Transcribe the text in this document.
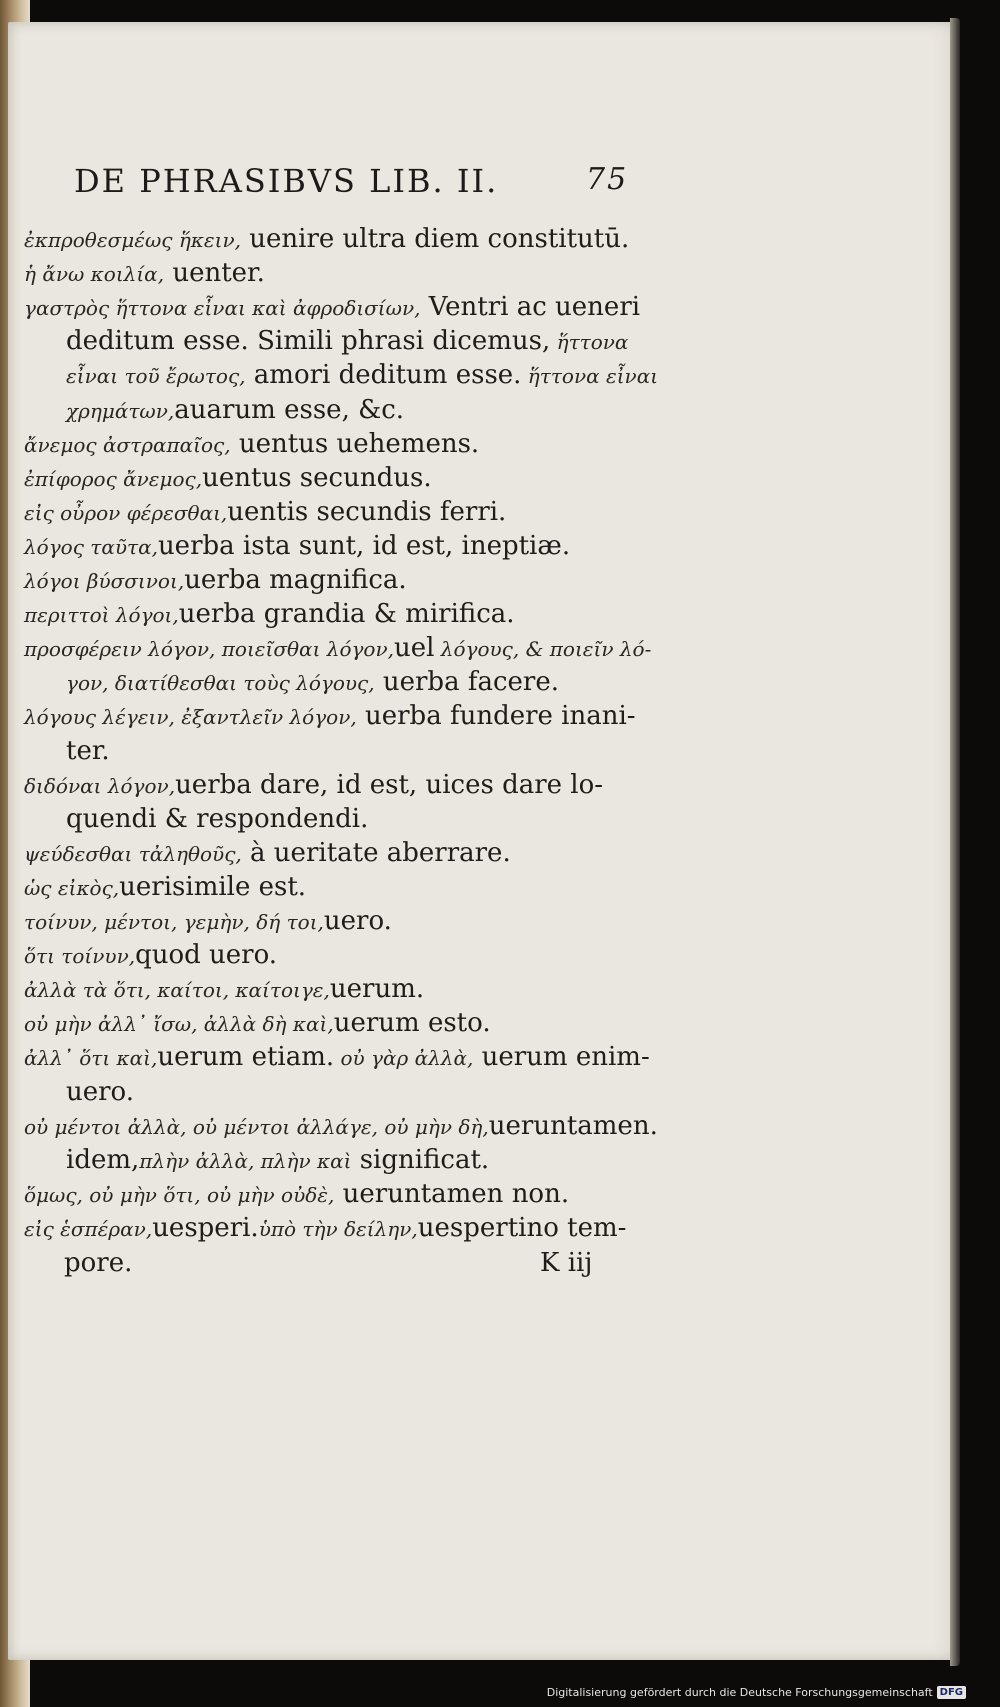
DE PHRASIBVS LIB. II.	75
ἐκπροθεσμέως ἥκειν, uenire ultra diem constitutū.
ἡ ἄνω κοιλία, uenter.
γαστρὸς ἥττονα εἶναι καὶ ἀφροδισίων, Ventri ac ueneri
deditum esse. Simili phrasi dicemus, ἥττονα
εἶναι τοῦ ἔρωτος, amori deditum esse. ἥττονα εἶναι
χρημάτων,auarum esse, &c.
ἄνεμος ἀστραπαῖος, uentus uehemens.
ἐπίφορος ἄνεμος,uentus secundus.
εἰς οὖρον φέρεσθαι,uentis secundis ferri.
λόγος ταῦτα,uerba ista sunt, id est, ineptiæ.
λόγοι βύσσινοι,uerba magnifica.
περιττοὶ λόγοι,uerba grandia & mirifica.
προσφέρειν λόγον, ποιεῖσθαι λόγον,uel λόγους, & ποιεῖν λό-
γον, διατίθεσθαι τοὺς λόγους, uerba facere.
λόγους λέγειν, ἐξαντλεῖν λόγον, uerba fundere inani-
ter.
διδόναι λόγον,uerba dare, id est, uices dare lo-
quendi & respondendi.
ψεύδεσθαι τἀληθοῦς, à ueritate aberrare.
ὡς εἰκὸς,uerisimile est.
τοίνυν, μέντοι, γεμὴν, δή τοι,uero.
ὅτι τοίνυν,quod uero.
ἀλλὰ τὰ ὅτι, καίτοι, καίτοιγε,uerum.
οὐ μὴν ἀλλ᾽ ἴσω, ἀλλὰ δὴ καὶ,uerum esto.
ἀλλ᾽ ὅτι καὶ,uerum etiam. οὐ γὰρ ἀλλὰ, uerum enim-
uero.
οὐ μέντοι ἀλλὰ, οὐ μέντοι ἀλλάγε, οὐ μὴν δὴ,ueruntamen.
idem,πλὴν ἀλλὰ, πλὴν καὶ significat.
ὅμως, οὐ μὴν ὅτι, οὐ μὴν οὐδὲ, ueruntamen non.
εἰς ἑσπέραν,uesperi.ὑπὸ τὴν δείλην,uespertino tem-
pore.	K iij
Digitalisierung gefördert durch die Deutsche Forschungsgemeinschaft DFG
